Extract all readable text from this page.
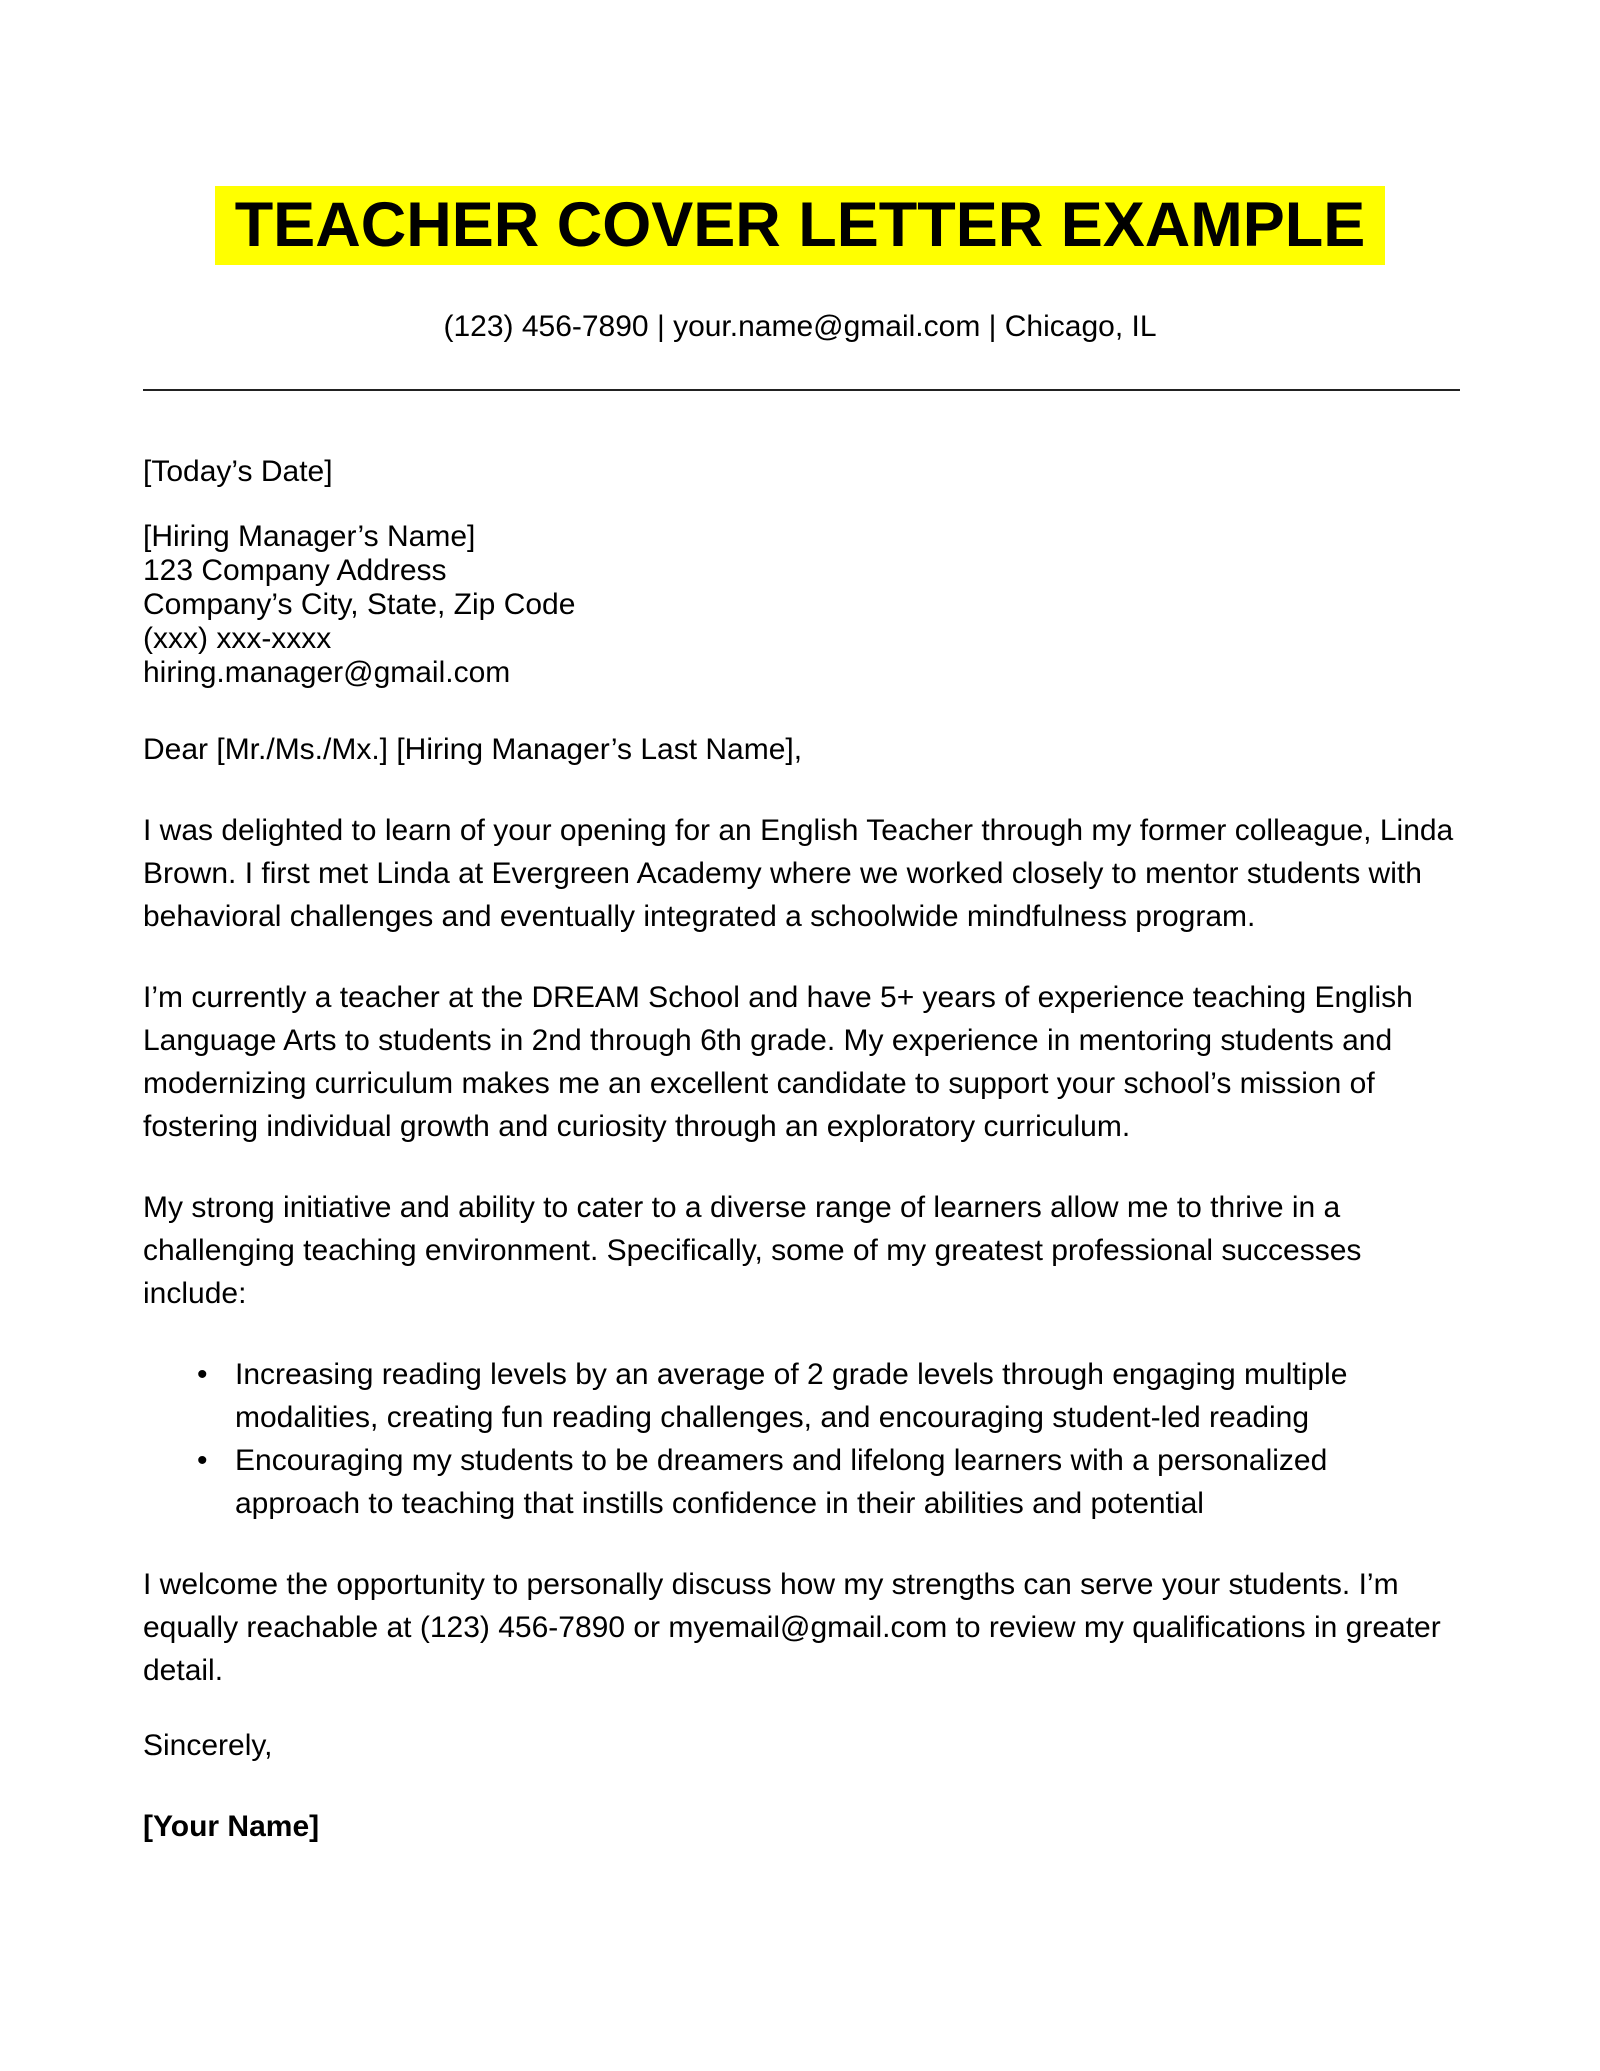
TEACHER COVER LETTER EXAMPLE
(123) 456-7890 | your.name@gmail.com | Chicago, IL
[Today’s Date]
[Hiring Manager’s Name]
123 Company Address
Company’s City, State, Zip Code
(xxx) xxx-xxxx
hiring.manager@gmail.com
Dear [Mr./Ms./Mx.] [Hiring Manager’s Last Name],

I was delighted to learn of your opening for an English Teacher through my former colleague, Linda Brown. I first met Linda at Evergreen Academy where we worked closely to mentor students with behavioral challenges and eventually integrated a schoolwide mindfulness program.

I’m currently a teacher at the DREAM School and have 5+ years of experience teaching English Language Arts to students in 2nd through 6th grade. My experience in mentoring students and modernizing curriculum makes me an excellent candidate to support your school’s mission of fostering individual growth and curiosity through an exploratory curriculum.

My strong initiative and ability to cater to a diverse range of learners allow me to thrive in a challenging teaching environment. Specifically, some of my greatest professional successes include:

• Increasing reading levels by an average of 2 grade levels through engaging multiple modalities, creating fun reading challenges, and encouraging student-led reading
• Encouraging my students to be dreamers and lifelong learners with a personalized approach to teaching that instills confidence in their abilities and potential

I welcome the opportunity to personally discuss how my strengths can serve your students. I’m equally reachable at (123) 456-7890 or myemail@gmail.com to review my qualifications in greater detail.

Sincerely,
[Your Name]
